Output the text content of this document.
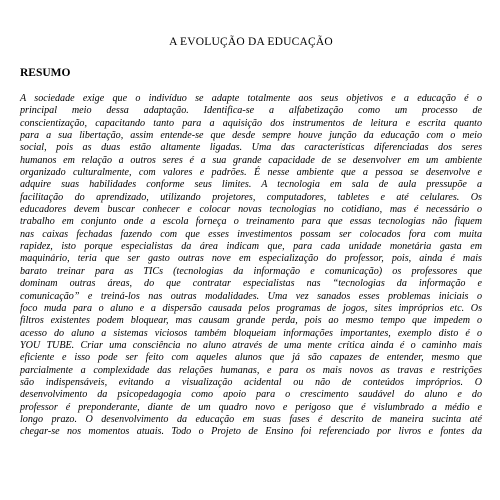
A EVOLUÇÃO DA EDUCAÇÃO
RESUMO

A sociedade exige que o indivíduo se adapte totalmente aos seus objetivos e a educação é o
principal meio dessa adaptação. Identifica-se a alfabetização como um processo de
conscientização, capacitando tanto para a aquisição dos instrumentos de leitura e escrita quanto
para a sua libertação, assim entende-se que desde sempre houve junção da educação com o meio
social, pois as duas estão altamente ligadas. Uma das características diferenciadas dos seres
humanos em relação a outros seres é a sua grande capacidade de se desenvolver em um ambiente
organizado culturalmente, com valores e padrões. É nesse ambiente que a pessoa se desenvolve e
adquire suas habilidades conforme seus limites. A tecnologia em sala de aula pressupõe a
facilitação do aprendizado, utilizando projetores, computadores, tabletes e até celulares. Os
educadores devem buscar conhecer e colocar novas tecnologias no cotidiano, mas é necessário o
trabalho em conjunto onde a escola forneça o treinamento para que essas tecnologias não fiquem
nas caixas fechadas fazendo com que esses investimentos possam ser colocados fora com muita
rapidez, isto porque especialistas da área indicam que, para cada unidade monetária gasta em
maquinário, teria que ser gasto outras nove em especialização do professor, pois, ainda é mais
barato treinar para as TICs (tecnologias da informação e comunicação) os professores que
dominam outras áreas, do que contratar especialistas nas “tecnologias da informação e
comunicação” e treiná-los nas outras modalidades. Uma vez sanados esses problemas iniciais o
foco muda para o aluno e a dispersão causada pelos programas de jogos, sites impróprios etc. Os
filtros existentes podem bloquear, mas causam grande perda, pois ao mesmo tempo que impedem o
acesso do aluno a sistemas viciosos também bloqueiam informações importantes, exemplo disto é o
YOU TUBE. Criar uma consciência no aluno através de uma mente crítica ainda é o caminho mais
eficiente e isso pode ser feito com aqueles alunos que já são capazes de entender, mesmo que
parcialmente a complexidade das relações humanas, e para os mais novos as travas e restrições
são indispensáveis, evitando a visualização acidental ou não de conteúdos impróprios. O
desenvolvimento da psicopedagogia como apoio para o crescimento saudável do aluno e do
professor é preponderante, diante de um quadro novo e perigoso que é vislumbrado a médio e
longo prazo. O desenvolvimento da educação em suas fases é descrito de maneira sucinta até
chegar-se nos momentos atuais. Todo o Projeto de Ensino foi referenciado por livros e fontes da
